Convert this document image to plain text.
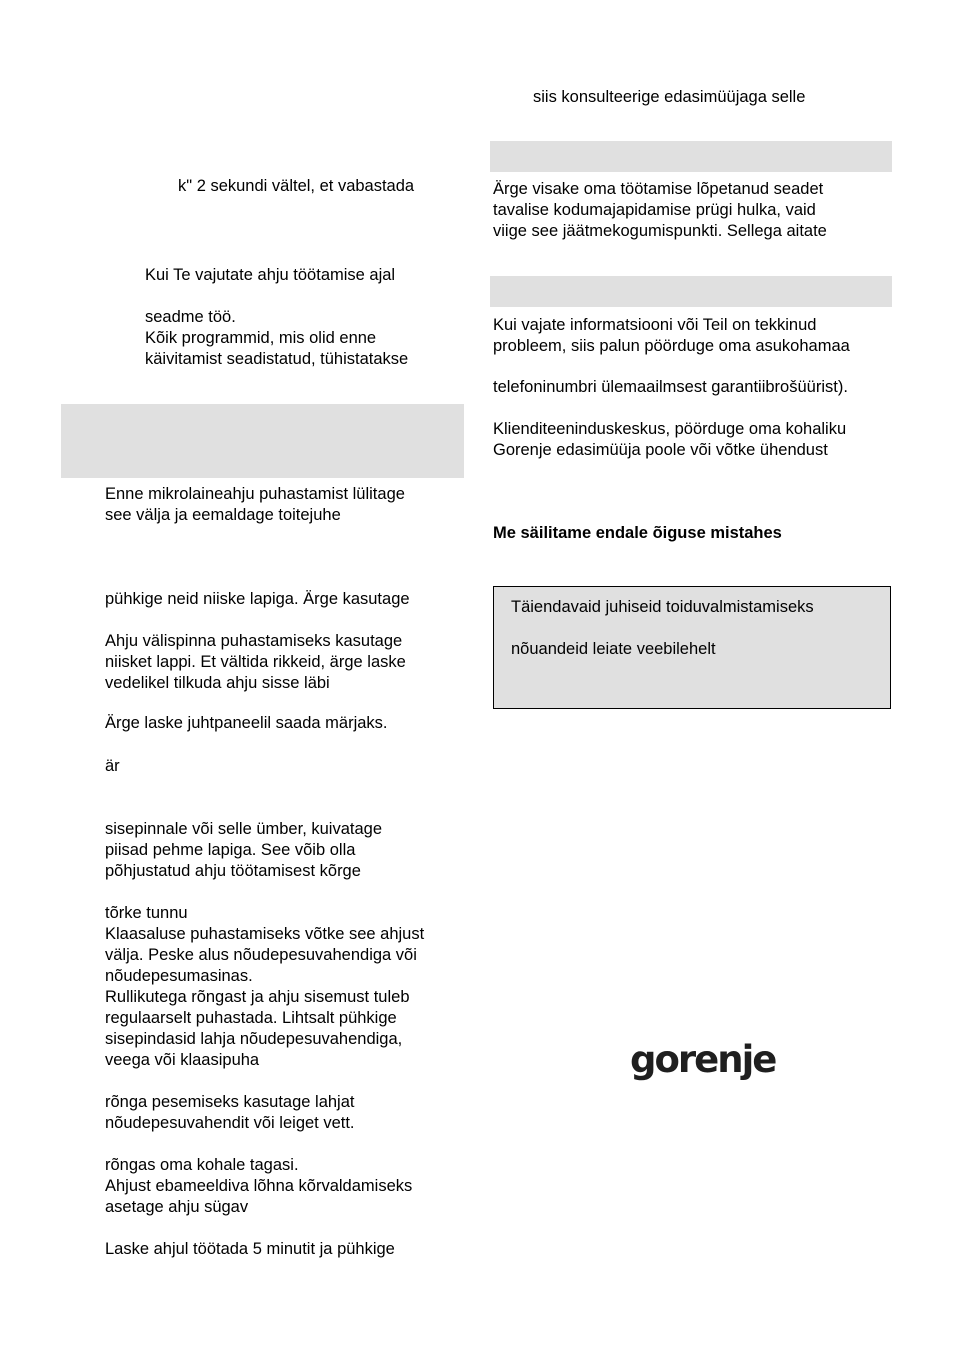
k" 2 sekundi vältel, et vabastada

Kui Te vajutate ahju töötamise ajal

seadme töö.

Kõik programmid, mis olid enne

käivitamist seadistatud, tühistatakse

Enne mikrolaineahju puhastamist lülitage

see välja ja eemaldage toitejuhe

pühkige neid niiske lapiga. Ärge kasutage

Ahju välispinna puhastamiseks kasutage

niisket lappi. Et vältida rikkeid, ärge laske

vedelikel tilkuda ahju sisse läbi

Ärge laske juhtpaneelil saada märjaks.

är

sisepinnale või selle ümber, kuivatage

piisad pehme lapiga. See võib olla

põhjustatud ahju töötamisest kõrge

tõrke tunnu

Klaasaluse puhastamiseks võtke see ahjust

välja. Peske alus nõudepesuvahendiga või

nõudepesumasinas.

Rullikutega rõngast ja ahju sisemust tuleb

regulaarselt puhastada. Lihtsalt pühkige

sisepindasid lahja nõudepesuvahendiga,

veega või klaasipuha

rõnga pesemiseks kasutage lahjat

nõudepesuvahendit või leiget vett.

rõngas oma kohale tagasi.

Ahjust ebameeldiva lõhna kõrvaldamiseks

asetage ahju sügav

Laske ahjul töötada 5 minutit ja pühkige

siis konsulteerige edasimüüjaga selle

Ärge visake oma töötamise lõpetanud seadet

tavalise kodumajapidamise prügi hulka, vaid

viige see jäätmekogumispunkti. Sellega aitate

Kui vajate informatsiooni või Teil on tekkinud

probleem, siis palun pöörduge oma asukohamaa

telefoninumbri ülemaailmsest garantiibrošüürist).

Klienditeeninduskeskus, pöörduge oma kohaliku

Gorenje edasimüüja poole või võtke ühendust

Me säilitame endale õiguse mistahes

Täiendavaid juhiseid toiduvalmistamiseks

nõuandeid leiate veebilehelt

gorenje
